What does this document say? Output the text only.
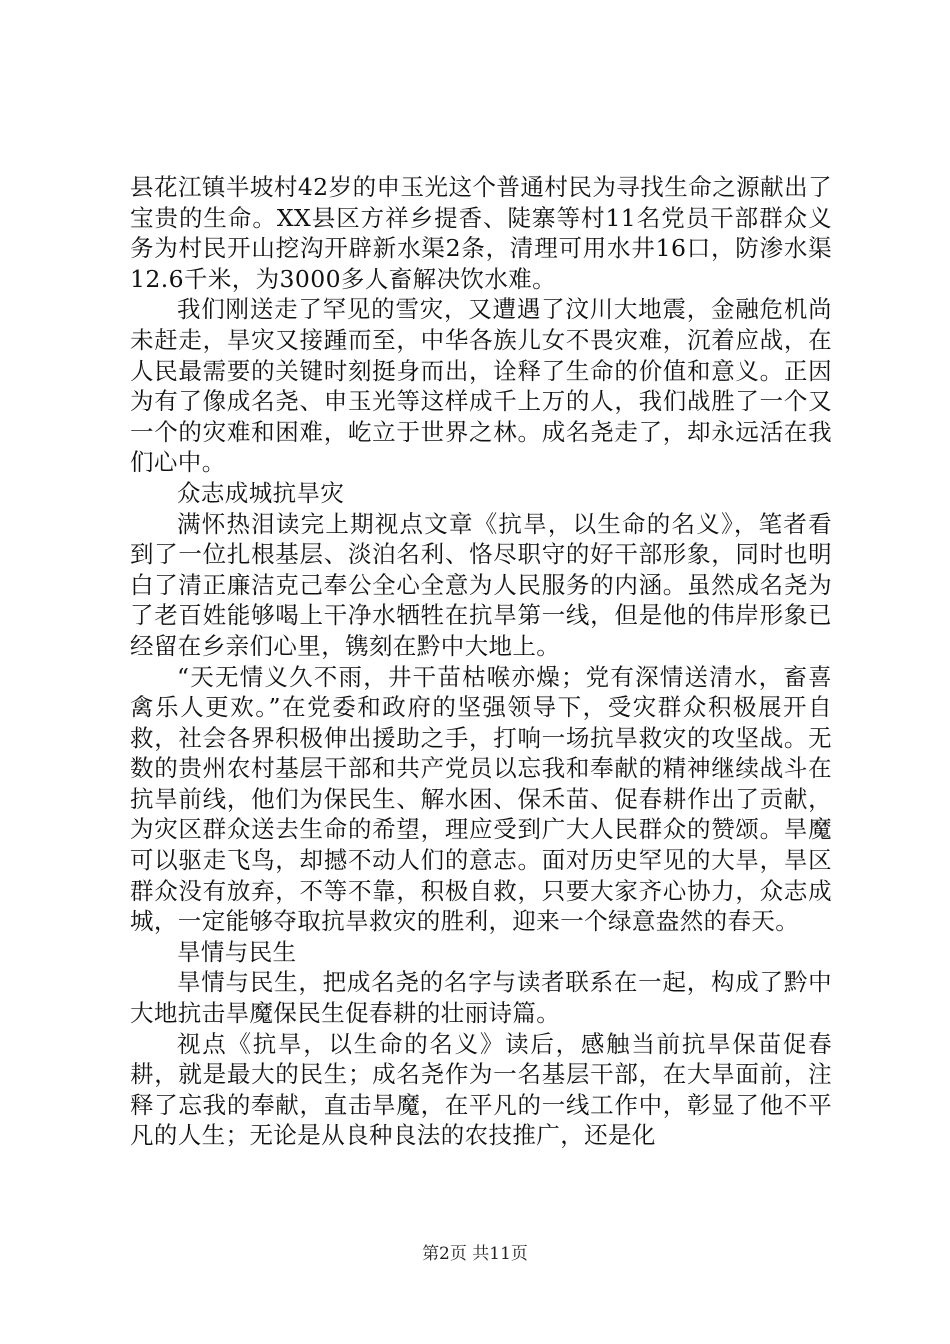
县花江镇半坡村42岁的申玉光这个普通村民为寻找生命之源献出了宝贵的生命。XX县区方祥乡提香、陡寨等村11名党员干部群众义务为村民开山挖沟开辟新水渠2条，清理可用水井16口，防渗水渠12.6千米，为3000多人畜解决饮水难。

我们刚送走了罕见的雪灾，又遭遇了汶川大地震，金融危机尚未赶走，旱灾又接踵而至，中华各族儿女不畏灾难，沉着应战，在人民最需要的关键时刻挺身而出，诠释了生命的价值和意义。正因为有了像成名尧、申玉光等这样成千上万的人，我们战胜了一个又一个的灾难和困难，屹立于世界之林。成名尧走了，却永远活在我们心中。

众志成城抗旱灾

满怀热泪读完上期视点文章《抗旱，以生命的名义》，笔者看到了一位扎根基层、淡泊名利、恪尽职守的好干部形象，同时也明白了清正廉洁克己奉公全心全意为人民服务的内涵。虽然成名尧为了老百姓能够喝上干净水牺牲在抗旱第一线，但是他的伟岸形象已经留在乡亲们心里，镌刻在黔中大地上。

“天无情义久不雨，井干苗枯喉亦燥；党有深情送清水，畜喜禽乐人更欢。”在党委和政府的坚强领导下，受灾群众积极展开自救，社会各界积极伸出援助之手，打响一场抗旱救灾的攻坚战。无数的贵州农村基层干部和共产党员以忘我和奉献的精神继续战斗在抗旱前线，他们为保民生、解水困、保禾苗、促春耕作出了贡献，为灾区群众送去生命的希望，理应受到广大人民群众的赞颂。旱魔可以驱走飞鸟，却撼不动人们的意志。面对历史罕见的大旱，旱区群众没有放弃，不等不靠，积极自救，只要大家齐心协力，众志成城，一定能够夺取抗旱救灾的胜利，迎来一个绿意盎然的春天。

旱情与民生

旱情与民生，把成名尧的名字与读者联系在一起，构成了黔中大地抗击旱魔保民生促春耕的壮丽诗篇。

视点《抗旱，以生命的名义》读后，感触当前抗旱保苗促春耕，就是最大的民生；成名尧作为一名基层干部，在大旱面前，注释了忘我的奉献，直击旱魔，在平凡的一线工作中，彰显了他不平凡的人生；无论是从良种良法的农技推广，还是化

第2页 共11页
